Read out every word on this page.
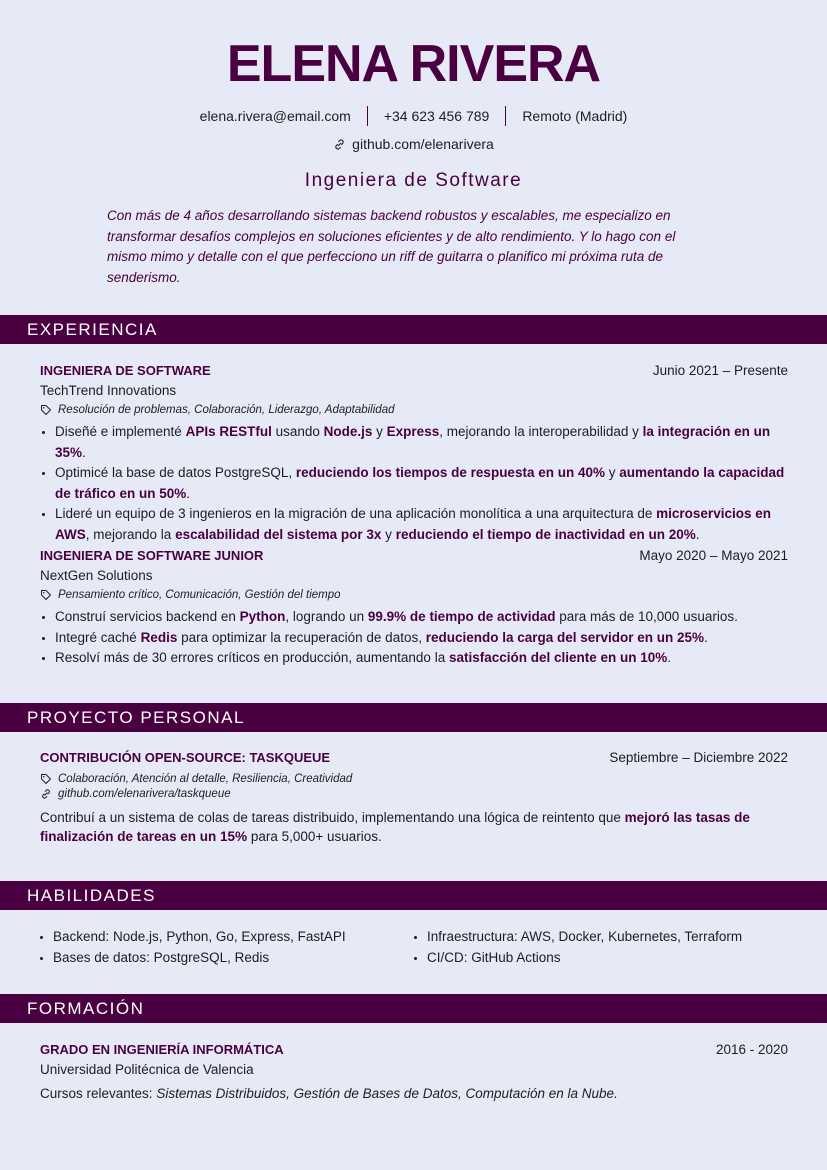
ELENA RIVERA
elena.rivera@email.com +34 623 456 789 Remoto (Madrid)
github.com/elenarivera
Ingeniera de Software
Con más de 4 años desarrollando sistemas backend robustos y escalables, me especializo en transformar desafíos complejos en soluciones eficientes y de alto rendimiento. Y lo hago con el mismo mimo y detalle con el que perfecciono un riff de guitarra o planifico mi próxima ruta de senderismo.
EXPERIENCIA
INGENIERA DE SOFTWARE	Junio 2021 – Presente
TechTrend Innovations
Resolución de problemas, Colaboración, Liderazgo, Adaptabilidad
• Diseñé e implementé APIs RESTful usando Node.js y Express, mejorando la interoperabilidad y la integración en un 35%.
• Optimicé la base de datos PostgreSQL, reduciendo los tiempos de respuesta en un 40% y aumentando la capacidad de tráfico en un 50%.
• Lideré un equipo de 3 ingenieros en la migración de una aplicación monolítica a una arquitectura de microservicios en AWS, mejorando la escalabilidad del sistema por 3x y reduciendo el tiempo de inactividad en un 20%.
INGENIERA DE SOFTWARE JUNIOR	Mayo 2020 – Mayo 2021
NextGen Solutions
Pensamiento crítico, Comunicación, Gestión del tiempo
• Construí servicios backend en Python, logrando un 99.9% de tiempo de actividad para más de 10,000 usuarios.
• Integré caché Redis para optimizar la recuperación de datos, reduciendo la carga del servidor en un 25%.
• Resolví más de 30 errores críticos en producción, aumentando la satisfacción del cliente en un 10%.
PROYECTO PERSONAL
CONTRIBUCIÓN OPEN-SOURCE: TASKQUEUE	Septiembre – Diciembre 2022
Colaboración, Atención al detalle, Resiliencia, Creatividad
github.com/elenarivera/taskqueue
Contribuí a un sistema de colas de tareas distribuido, implementando una lógica de reintento que mejoró las tasas de finalización de tareas en un 15% para 5,000+ usuarios.
HABILIDADES
• Backend: Node.js, Python, Go, Express, FastAPI
• Bases de datos: PostgreSQL, Redis
• Infraestructura: AWS, Docker, Kubernetes, Terraform
• CI/CD: GitHub Actions
FORMACIÓN
GRADO EN INGENIERÍA INFORMÁTICA	2016 - 2020
Universidad Politécnica de Valencia
Cursos relevantes: Sistemas Distribuidos, Gestión de Bases de Datos, Computación en la Nube.
